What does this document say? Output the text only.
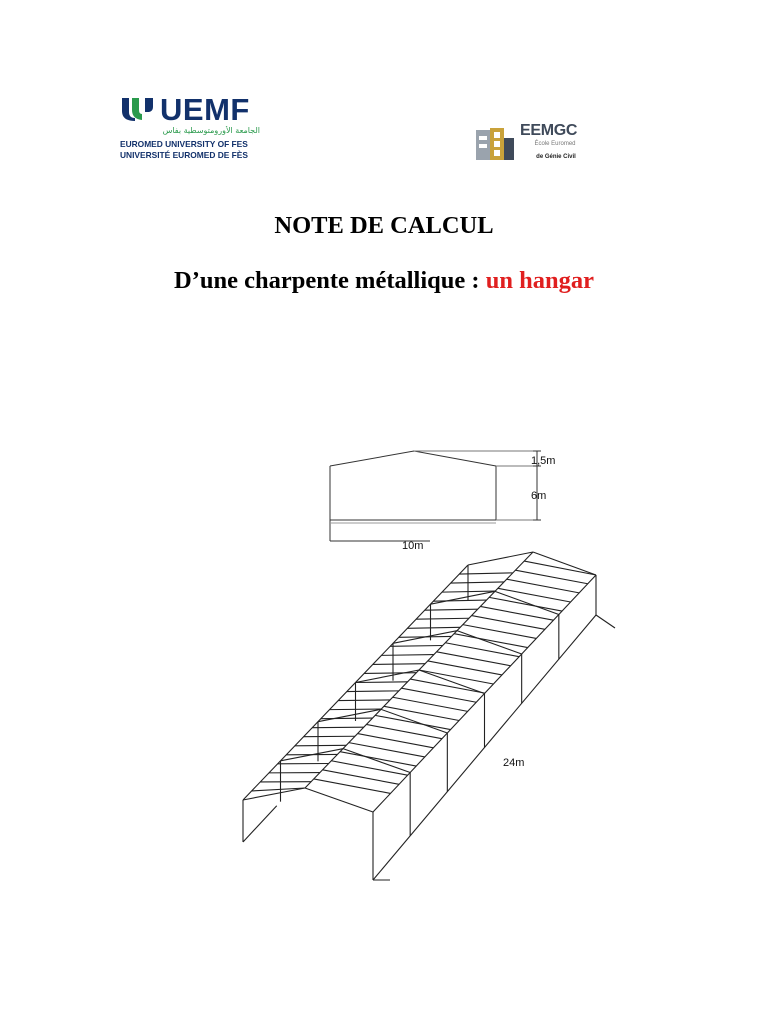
UEMF
الجامعة الأورومتوسطية بفاس
EUROMED UNIVERSITY OF FES
UNIVERSITÉ EUROMED DE FÈS
EEMGC
École Euromed
de Génie Civil
NOTE DE CALCUL
D’une charpente métallique : un hangar
1,5m
6m
10m
24m
